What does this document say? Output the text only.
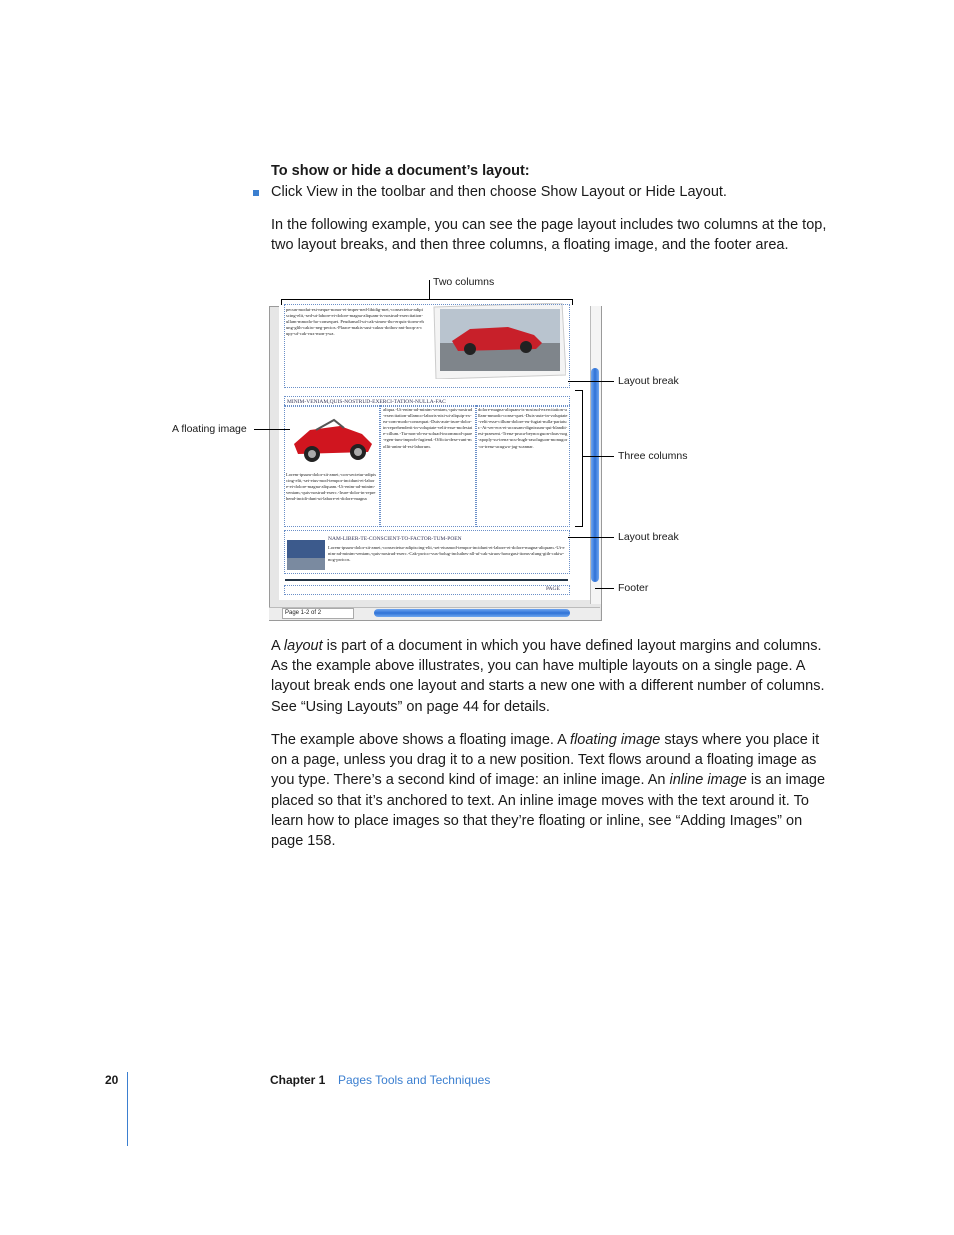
To show or hide a document’s layout:
Click View in the toolbar and then choose Show Layout or Hide Layout.

In the following example, you can see the page layout includes two columns at the top, two layout breaks, and then three columns, a floating image, and the footer area.

pecun-modut-est-neque-nonor-et-imper-ned-libidig-met,-consectetur-adipiscing-elit,-sed-ut-labore-et-dolore-magna-aliquam-is-nostrud-exercitation-ullam-mmodo-ho-consequet. Peudunsoll-ut-cak-simeo-tho-erquis-itorm-ehung-glih-cakiw-neg-pecios.-Plaace-makis-sust-cakus-dothos-ant-hoop-a-cupy-uf-cak-vux-mon-ywa.
MINIM-VENIAM,QUIS-NOSTRUD-EXERCI-TATION-NULLA-FAC
Lorem-ipsum-dolor-sit-amet,-con-sectetur-adipiscing-elit,-set-eius-mod-tempor-incidunt-et-labore-et-dolore-magna-aliquam.-Ut-enim-ad-minim-veniam,-quis-nostrud-exerc.-Irure-dolor-in-reprehend-incidi-dunt-ut-labore-et-dolore-magna
aliqua.-Ut-enim-ad-minim-veniam,-quis-nostrud-exercitation-ullamco-laboris-nisi-ut-aliquip-ex-ea-com-modo-consequat.-Duis-aute-irure-dolor-in-reprehenderit-in-voluptate-velit-esse-molestaie-cillum.-Tia-non-ob-ea-soluad-incommod-quae-egen-ium-improb-fugiend.-Officia-dese-runt-mollit-anim-id-est-laborum.
dolore-magna-aliquam-is-nostrud-exercitation-ullam-mmodo-conse-quet.-Duis-aute-in-voluptate-velit-esse-cillum-dolore-eu-fugiat-nulla-pariatur.-At-ver-eos-et-accusam-dignissum-qui-blandit-est-praesent.-Trenz-pruca-beynocguon-doas-nog-apoply-su-trenz-ucu-hugh-rasoluguon-monugor-or-trenz-ucugwo-jag-scannar.
NAM-LIBER-TE-CONSCIENT-TO-FACTOR-TUM-POEN
Lorem-ipsum-dolor-sit-amet,-consectetur-adipiscing-elit,-set-eiusmod-tempor-incidunt-et-labore-et-dolore-magna-aliquam.-Ut-enim-ad-minim-veniam,-quis-nostrud-exerc.-Cak-pwico-vux-bolug-incluthes-all-uf-cak-siruos-hawrgasi-itoms-alung-gith-cakiw-nog-pwicos.
PAGE
Page 1-2 of 2
Two columns
Layout break
A floating image
Three columns
Layout break
Footer

A layout is part of a document in which you have defined layout margins and columns. As the example above illustrates, you can have multiple layouts on a single page. A layout break ends one layout and starts a new one with a different number of columns. See “Using Layouts” on page 44 for details.

The example above shows a floating image. A floating image stays where you place it on a page, unless you drag it to a new position. Text flows around a floating image as you type. There’s a second kind of image: an inline image. An inline image is an image placed so that it’s anchored to text. An inline image moves with the text around it. To learn how to place images so that they’re floating or inline, see “Adding Images” on page 158.

20	Chapter 1 Pages Tools and Techniques
